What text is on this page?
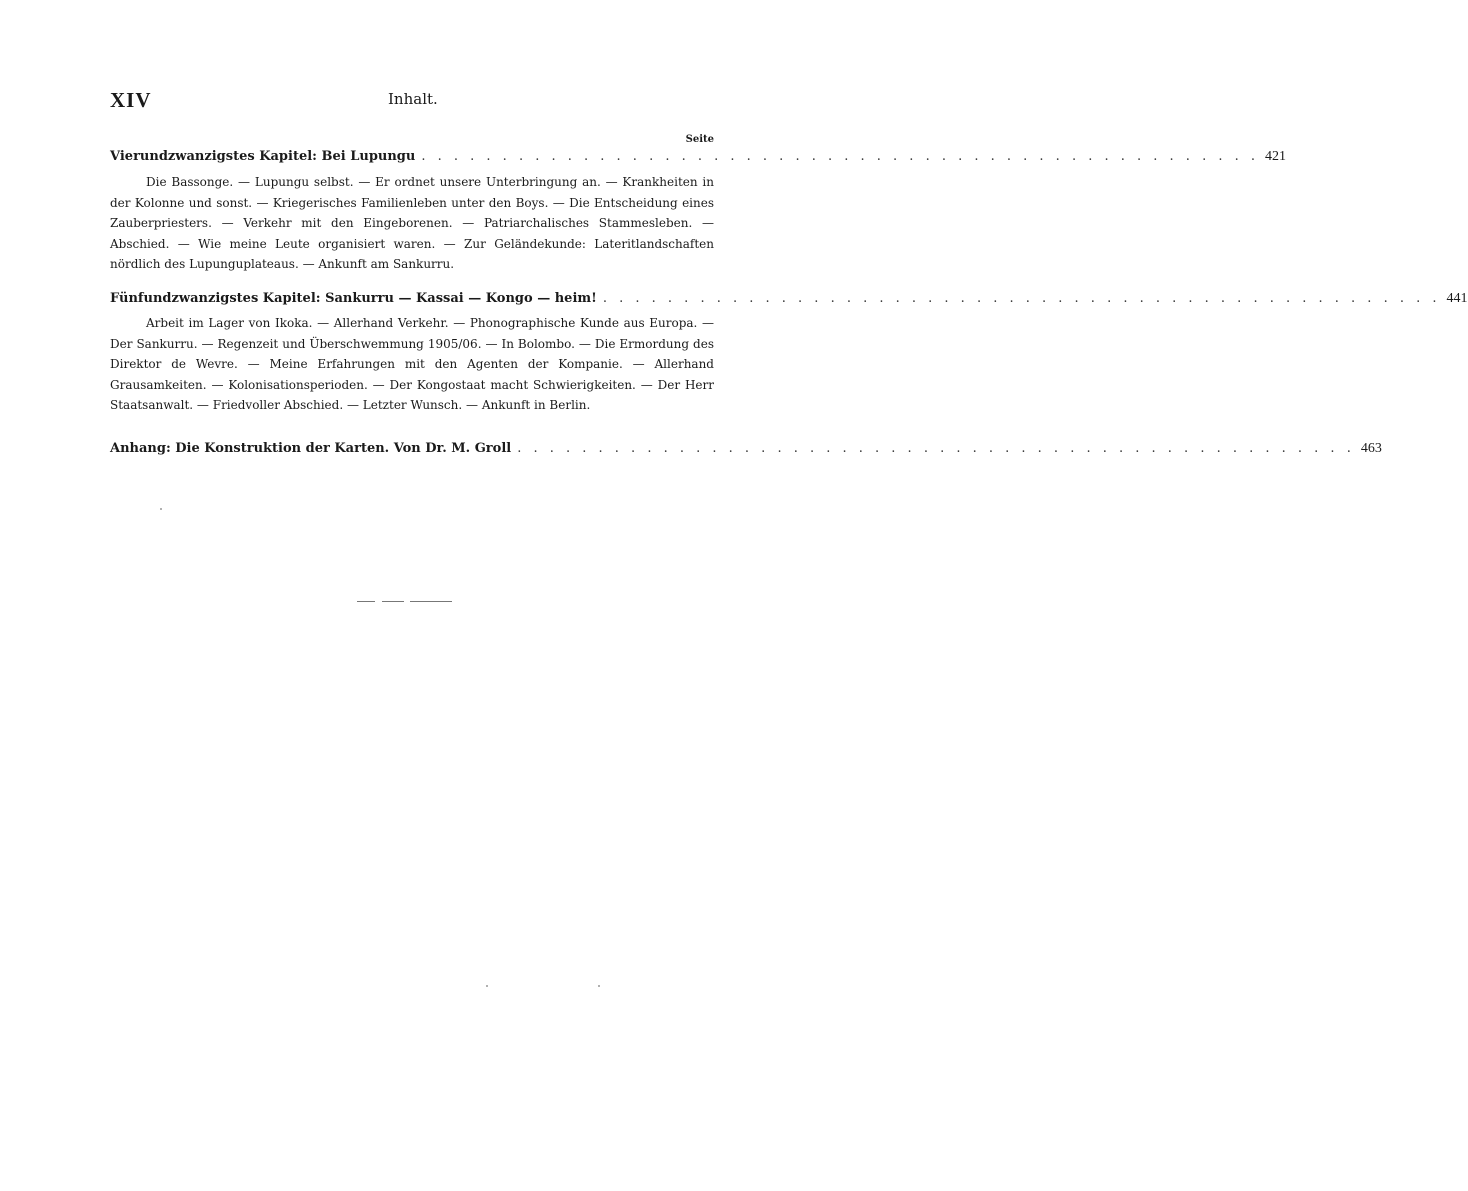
XIV	Inhalt.
Seite
Vierundzwanzigstes Kapitel: Bei Lupungu . . . . . . . . . . . . . . . . . . . . . . . . . . . . . . . . . . . . . . . . . . . . . . . . . . . . 421
Die Bassonge. — Lupungu selbst. — Er ordnet unsere Unterbringung an. — Krankheiten in der Kolonne und sonst. — Kriegerisches Familienleben unter den Boys. — Die Entscheidung eines Zauberpriesters. — Verkehr mit den Eingeborenen. — Patriarchalisches Stammesleben. — Abschied. — Wie meine Leute organisiert waren. — Zur Geländekunde: Lateritlandschaften nördlich des Lupunguplateaus. — Ankunft am Sankurru.
Fünfundzwanzigstes Kapitel: Sankurru — Kassai — Kongo — heim! . . . . . . . . . . . . . . . . . . . . . . . . . . . . . . . . . . . . . . . . . . . . . . . . . . . . 441
Arbeit im Lager von Ikoka. — Allerhand Verkehr. — Phonographische Kunde aus Europa. — Der Sankurru. — Regenzeit und Überschwemmung 1905/06. — In Bolombo. — Die Ermordung des Direktor de Wevre. — Meine Erfahrungen mit den Agenten der Kompanie. — Allerhand Grausamkeiten. — Kolonisationsperioden. — Der Kongostaat macht Schwierigkeiten. — Der Herr Staatsanwalt. — Friedvoller Abschied. — Letzter Wunsch. — Ankunft in Berlin.
Anhang: Die Konstruktion der Karten. Von Dr. M. Groll . . . . . . . . . . . . . . . . . . . . . . . . . . . . . . . . . . . . . . . . . . . . . . . . . . . . 463
